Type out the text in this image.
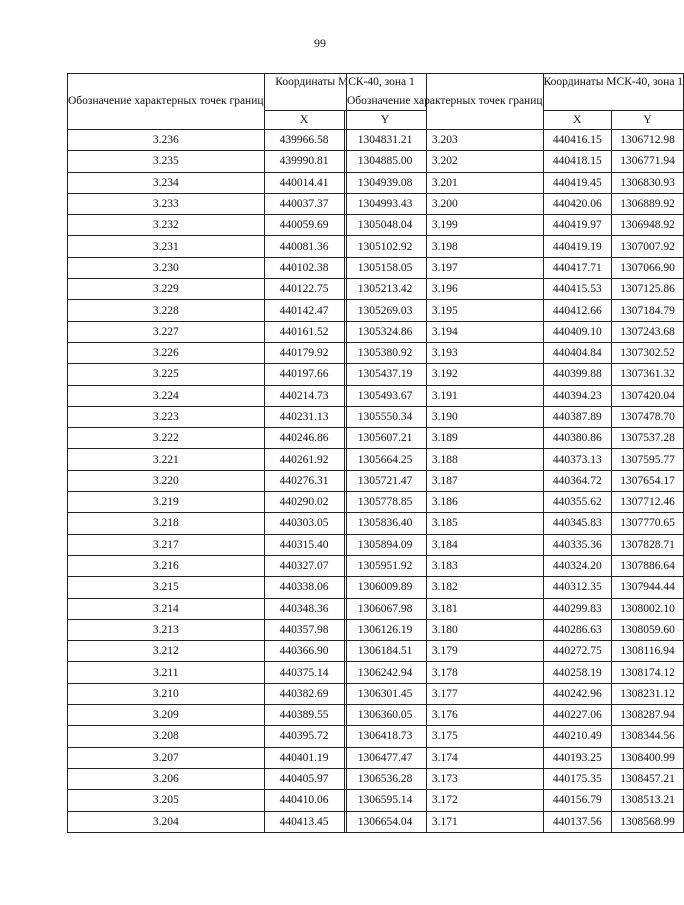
99
Обозначение характерных точек границ	Координаты МСК-40, зона 1	
	X	Y
3.236	439966.58	1304831.21
3.235	439990.81	1304885.00
3.234	440014.41	1304939.08
3.233	440037.37	1304993.43
3.232	440059.69	1305048.04
3.231	440081.36	1305102.92
3.230	440102.38	1305158.05
3.229	440122.75	1305213.42
3.228	440142.47	1305269.03
3.227	440161.52	1305324.86
3.226	440179.92	1305380.92
3.225	440197.66	1305437.19
3.224	440214.73	1305493.67
3.223	440231.13	1305550.34
3.222	440246.86	1305607.21
3.221	440261.92	1305664.25
3.220	440276.31	1305721.47
3.219	440290.02	1305778.85
3.218	440303.05	1305836.40
3.217	440315.40	1305894.09
3.216	440327.07	1305951.92
3.215	440338.06	1306009.89
3.214	440348.36	1306067.98
3.213	440357.98	1306126.19
3.212	440366.90	1306184.51
3.211	440375.14	1306242.94
3.210	440382.69	1306301.45
3.209	440389.55	1306360.05
3.208	440395.72	1306418.73
3.207	440401.19	1306477.47
3.206	440405.97	1306536.28
3.205	440410.06	1306595.14
3.204	440413.45	1306654.04
Обозначение характерных точек границ	Координаты МСК-40, зона 1	
	X	Y
3.203	440416.15	1306712.98
3.202	440418.15	1306771.94
3.201	440419.45	1306830.93
3.200	440420.06	1306889.92
3.199	440419.97	1306948.92
3.198	440419.19	1307007.92
3.197	440417.71	1307066.90
3.196	440415.53	1307125.86
3.195	440412.66	1307184.79
3.194	440409.10	1307243.68
3.193	440404.84	1307302.52
3.192	440399.88	1307361.32
3.191	440394.23	1307420.04
3.190	440387.89	1307478.70
3.189	440380.86	1307537.28
3.188	440373.13	1307595.77
3.187	440364.72	1307654.17
3.186	440355.62	1307712.46
3.185	440345.83	1307770.65
3.184	440335.36	1307828.71
3.183	440324.20	1307886.64
3.182	440312.35	1307944.44
3.181	440299.83	1308002.10
3.180	440286.63	1308059.60
3.179	440272.75	1308116.94
3.178	440258.19	1308174.12
3.177	440242.96	1308231.12
3.176	440227.06	1308287.94
3.175	440210.49	1308344.56
3.174	440193.25	1308400.99
3.173	440175.35	1308457.21
3.172	440156.79	1308513.21
3.171	440137.56	1308568.99
